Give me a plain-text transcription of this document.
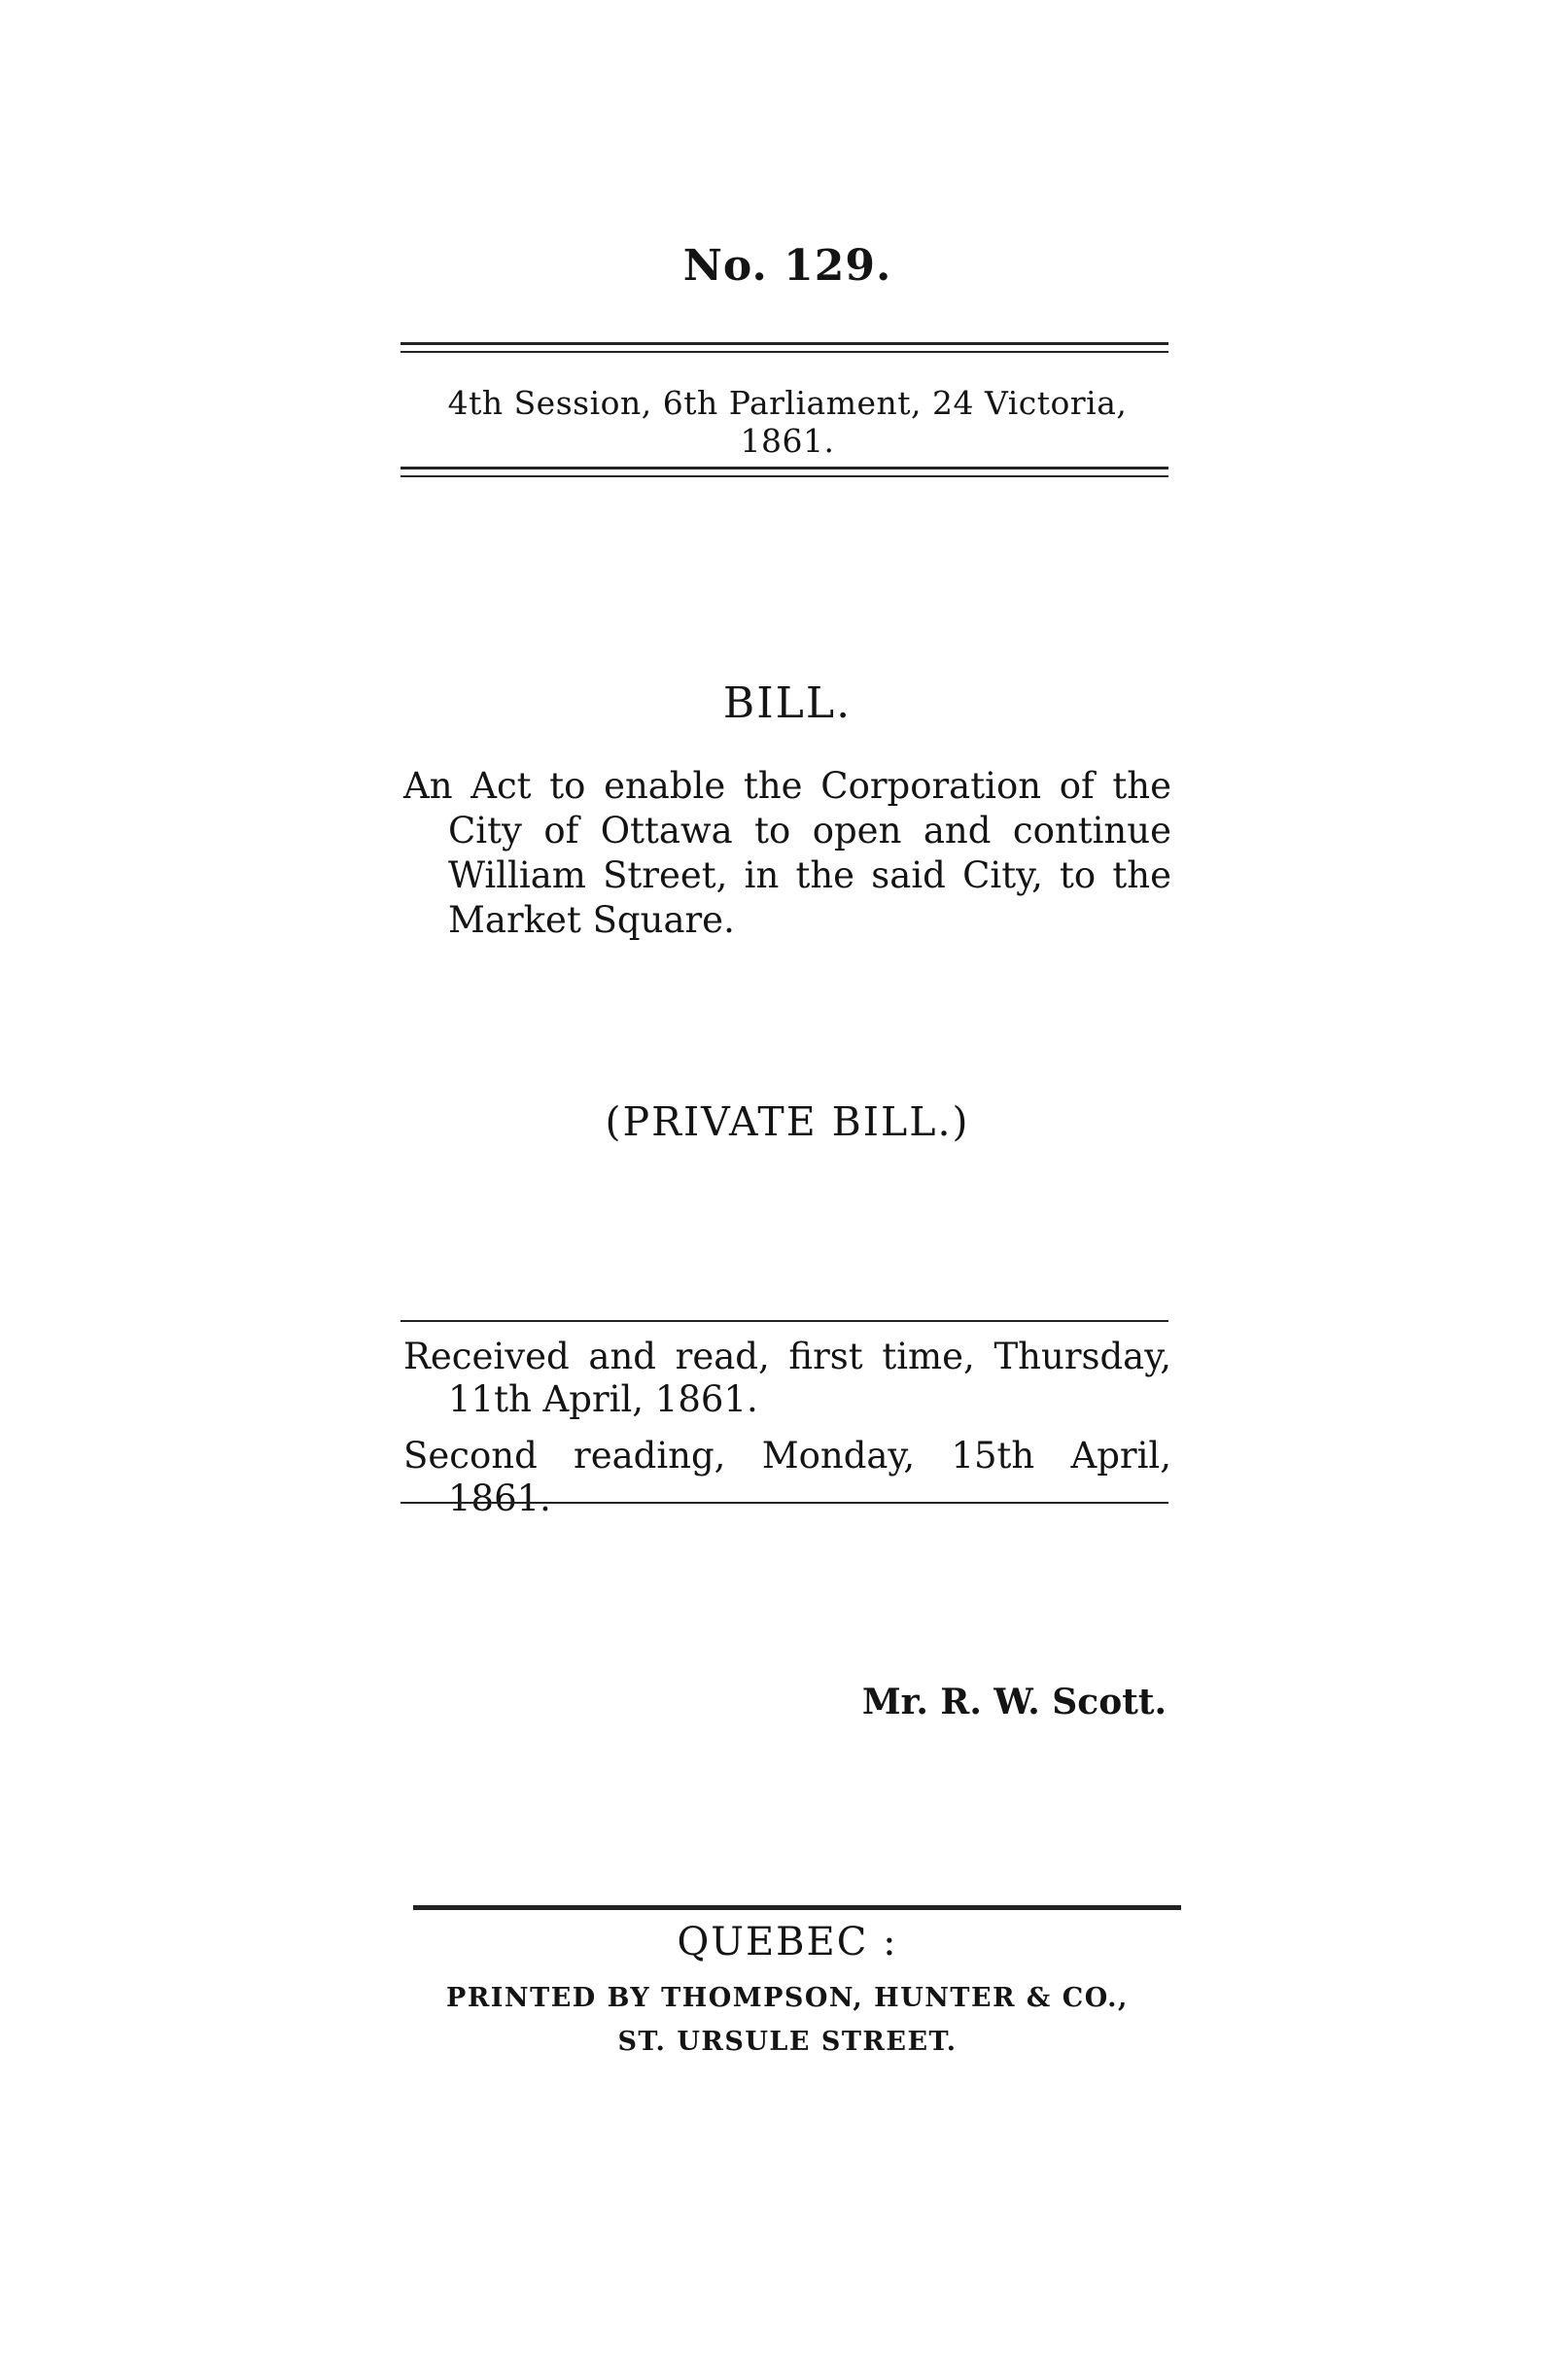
No. 129.
4th Session, 6th Parliament, 24 Victoria, 1861.
BILL.
An Act to enable the Corporation of the City of Ottawa to open and continue William Street, in the said City, to the Market Square.
(PRIVATE BILL.)

Received and read, first time, Thursday, 11th April, 1861.

Second reading, Monday, 15th April, 1861.

Mr. R. W. Scott.
QUEBEC :
PRINTED BY THOMPSON, HUNTER & CO.,
ST. URSULE STREET.
